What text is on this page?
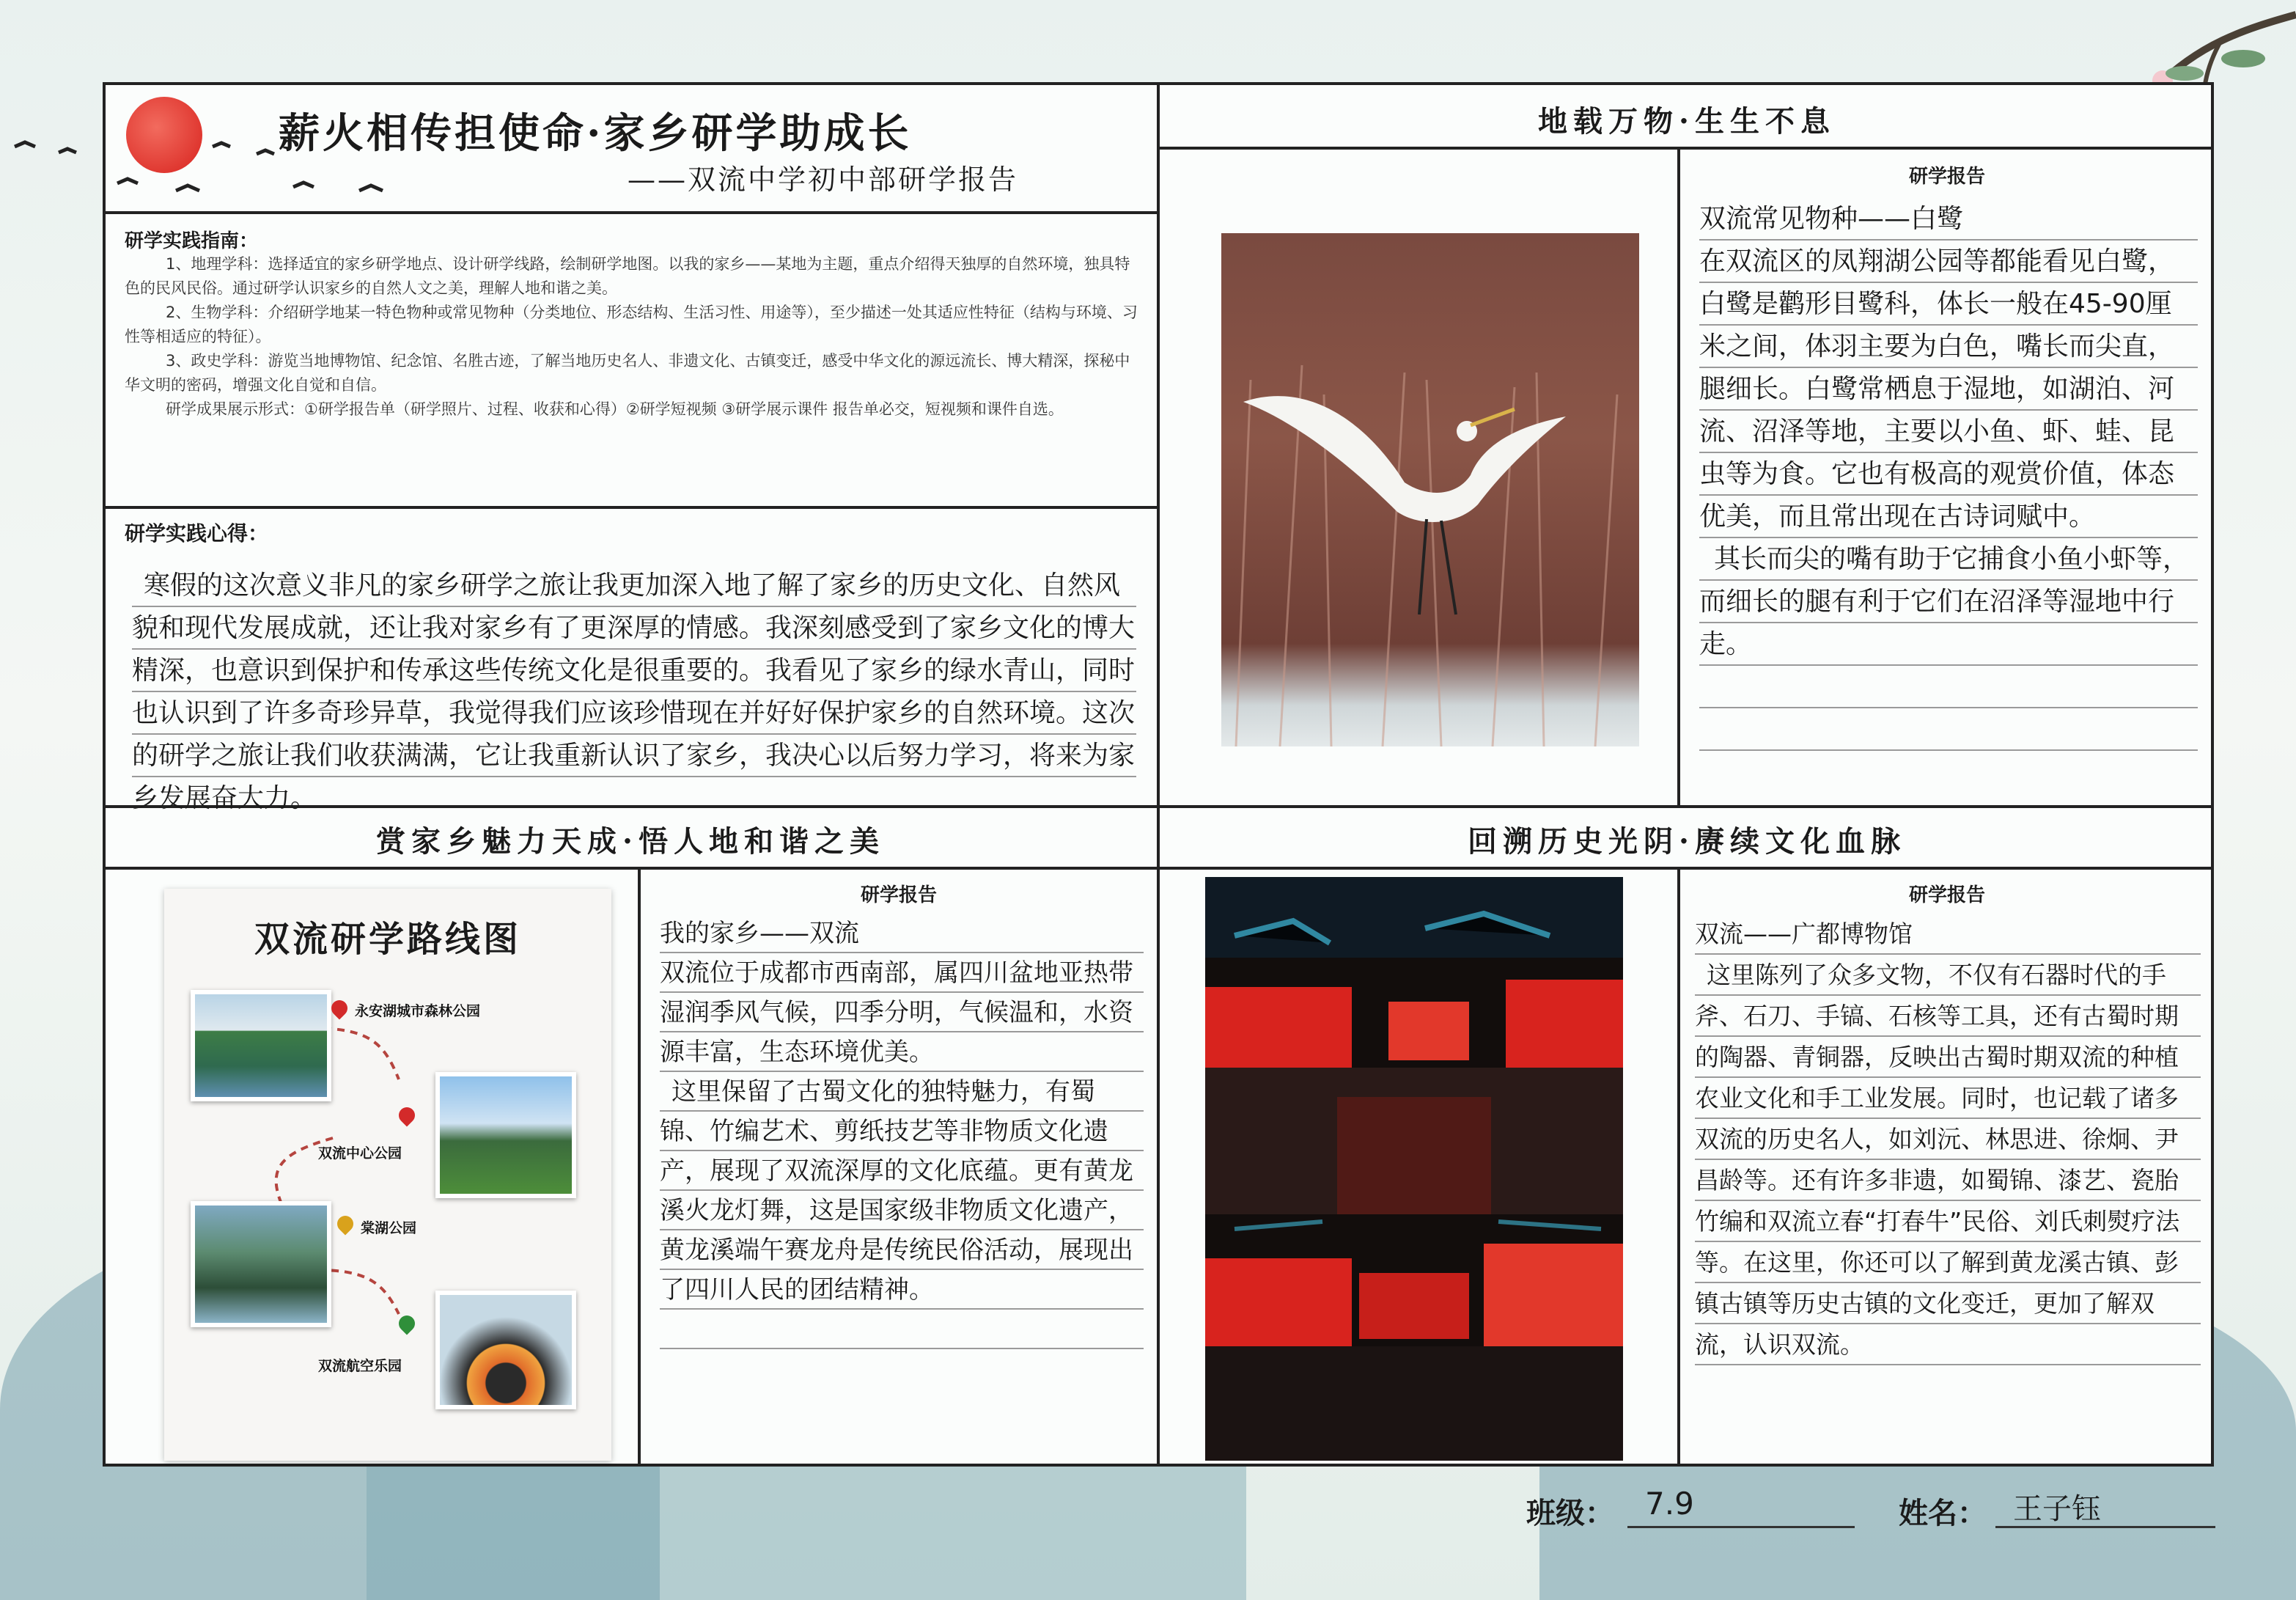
薪火相传担使命·家乡研学助成长
——双流中学初中部研学报告
研学实践指南：

1、地理学科：选择适宜的家乡研学地点、设计研学线路，绘制研学地图。以我的家乡——某地为主题，重点介绍得天独厚的自然环境，独具特色的民风民俗。通过研学认识家乡的自然人文之美，理解人地和谐之美。

2、生物学科：介绍研学地某一特色物种或常见物种（分类地位、形态结构、生活习性、用途等），至少描述一处其适应性特征（结构与环境、习性等相适应的特征）。

3、政史学科：游览当地博物馆、纪念馆、名胜古迹，了解当地历史名人、非遗文化、古镇变迁，感受中华文化的源远流长、博大精深，探秘中华文明的密码，增强文化自觉和自信。

研学成果展示形式：①研学报告单（研学照片、过程、收获和心得）②研学短视频 ③研学展示课件 报告单必交，短视频和课件自选。

研学实践心得：
寒假的这次意义非凡的家乡研学之旅让我更加深入地了解了家乡的历史文化、自然风貌和现代发展成就，还让我对家乡有了更深厚的情感。我深刻感受到了家乡文化的博大精深，也意识到保护和传承这些传统文化是很重要的。我看见了家乡的绿水青山，同时也认识到了许多奇珍异草，我觉得我们应该珍惜现在并好好保护家乡的自然环境。这次的研学之旅让我们收获满满，它让我重新认识了家乡，我决心以后努力学习，将来为家乡发展奋大力。
地载万物·生生不息
研学报告

双流常见物种——白鹭

在双流区的凤翔湖公园等都能看见白鹭，白鹭是鹳形目鹭科，体长一般在45-90厘米之间，体羽主要为白色，嘴长而尖直，腿细长。白鹭常栖息于湿地，如湖泊、河流、沼泽等地，主要以小鱼、虾、蛙、昆虫等为食。它也有极高的观赏价值，体态优美，而且常出现在古诗词赋中。

其长而尖的嘴有助于它捕食小鱼小虾等，而细长的腿有利于它们在沼泽等湿地中行走。

赏家乡魅力天成·悟人地和谐之美
双流研学路线图
永安湖城市森林公园
双流中心公园
棠湖公园
双流航空乐园
研学报告

我的家乡——双流

双流位于成都市西南部，属四川盆地亚热带湿润季风气候，四季分明，气候温和，水资源丰富，生态环境优美。

这里保留了古蜀文化的独特魅力，有蜀锦、竹编艺术、剪纸技艺等非物质文化遗产，展现了双流深厚的文化底蕴。更有黄龙溪火龙灯舞，这是国家级非物质文化遗产，黄龙溪端午赛龙舟是传统民俗活动，展现出了四川人民的团结精神。

回溯历史光阴·赓续文化血脉
研学报告

双流——广都博物馆

这里陈列了众多文物，不仅有石器时代的手斧、石刀、手镐、石核等工具，还有古蜀时期的陶器、青铜器，反映出古蜀时期双流的种植农业文化和手工业发展。同时，也记载了诸多双流的历史名人，如刘沅、林思进、徐炯、尹昌龄等。还有许多非遗，如蜀锦、漆艺、瓷胎竹编和双流立春“打春牛”民俗、刘氏刺熨疗法等。在这里，你还可以了解到黄龙溪古镇、彭镇古镇等历史古镇的文化变迁，更加了解双流，认识双流。

班级：	7.9	姓名： 王子钰
